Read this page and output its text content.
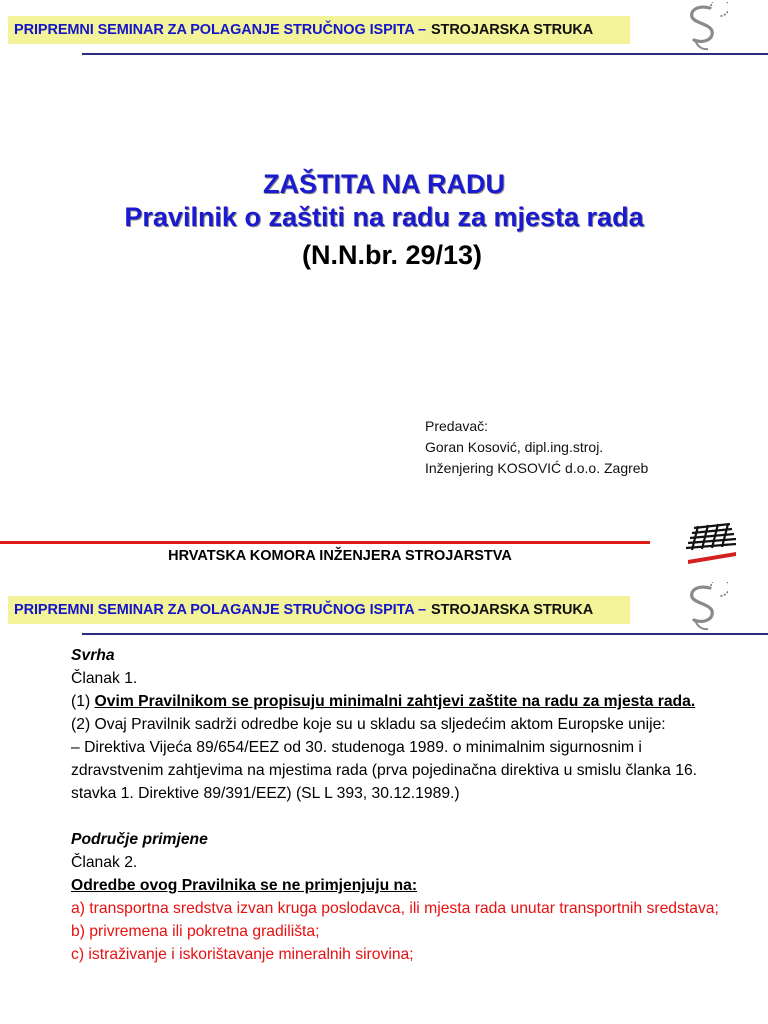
PRIPREMNI SEMINAR ZA POLAGANJE STRUČNOG ISPITA – STROJARSKA STRUKA
ZAŠTITA NA RADU
Pravilnik o zaštiti na radu za mjesta rada
(N.N.br. 29/13)
Predavač:
Goran Kosović, dipl.ing.stroj.
Inženjering KOSOVIĆ d.o.o. Zagreb
HRVATSKA KOMORA INŽENJERA STROJARSTVA
PRIPREMNI SEMINAR ZA POLAGANJE STRUČNOG ISPITA – STROJARSKA STRUKA

Svrha

Članak 1.

(1) Ovim Pravilnikom se propisuju minimalni zahtjevi zaštite na radu za mjesta rada.

(2) Ovaj Pravilnik sadrži odredbe koje su u skladu sa sljedećim aktom Europske unije:

– Direktiva Vijeća 89/654/EEZ od 30. studenoga 1989. o minimalnim sigurnosnim i zdravstvenim zahtjevima na mjestima rada (prva pojedinačna direktiva u smislu članka 16. stavka 1. Direktive 89/391/EEZ) (SL L 393, 30.12.1989.)

Područje primjene

Članak 2.

Odredbe ovog Pravilnika se ne primjenjuju na:

a) transportna sredstva izvan kruga poslodavca, ili mjesta rada unutar transportnih sredstava;

b) privremena ili pokretna gradilišta;

c) istraživanje i iskorištavanje mineralnih sirovina;
